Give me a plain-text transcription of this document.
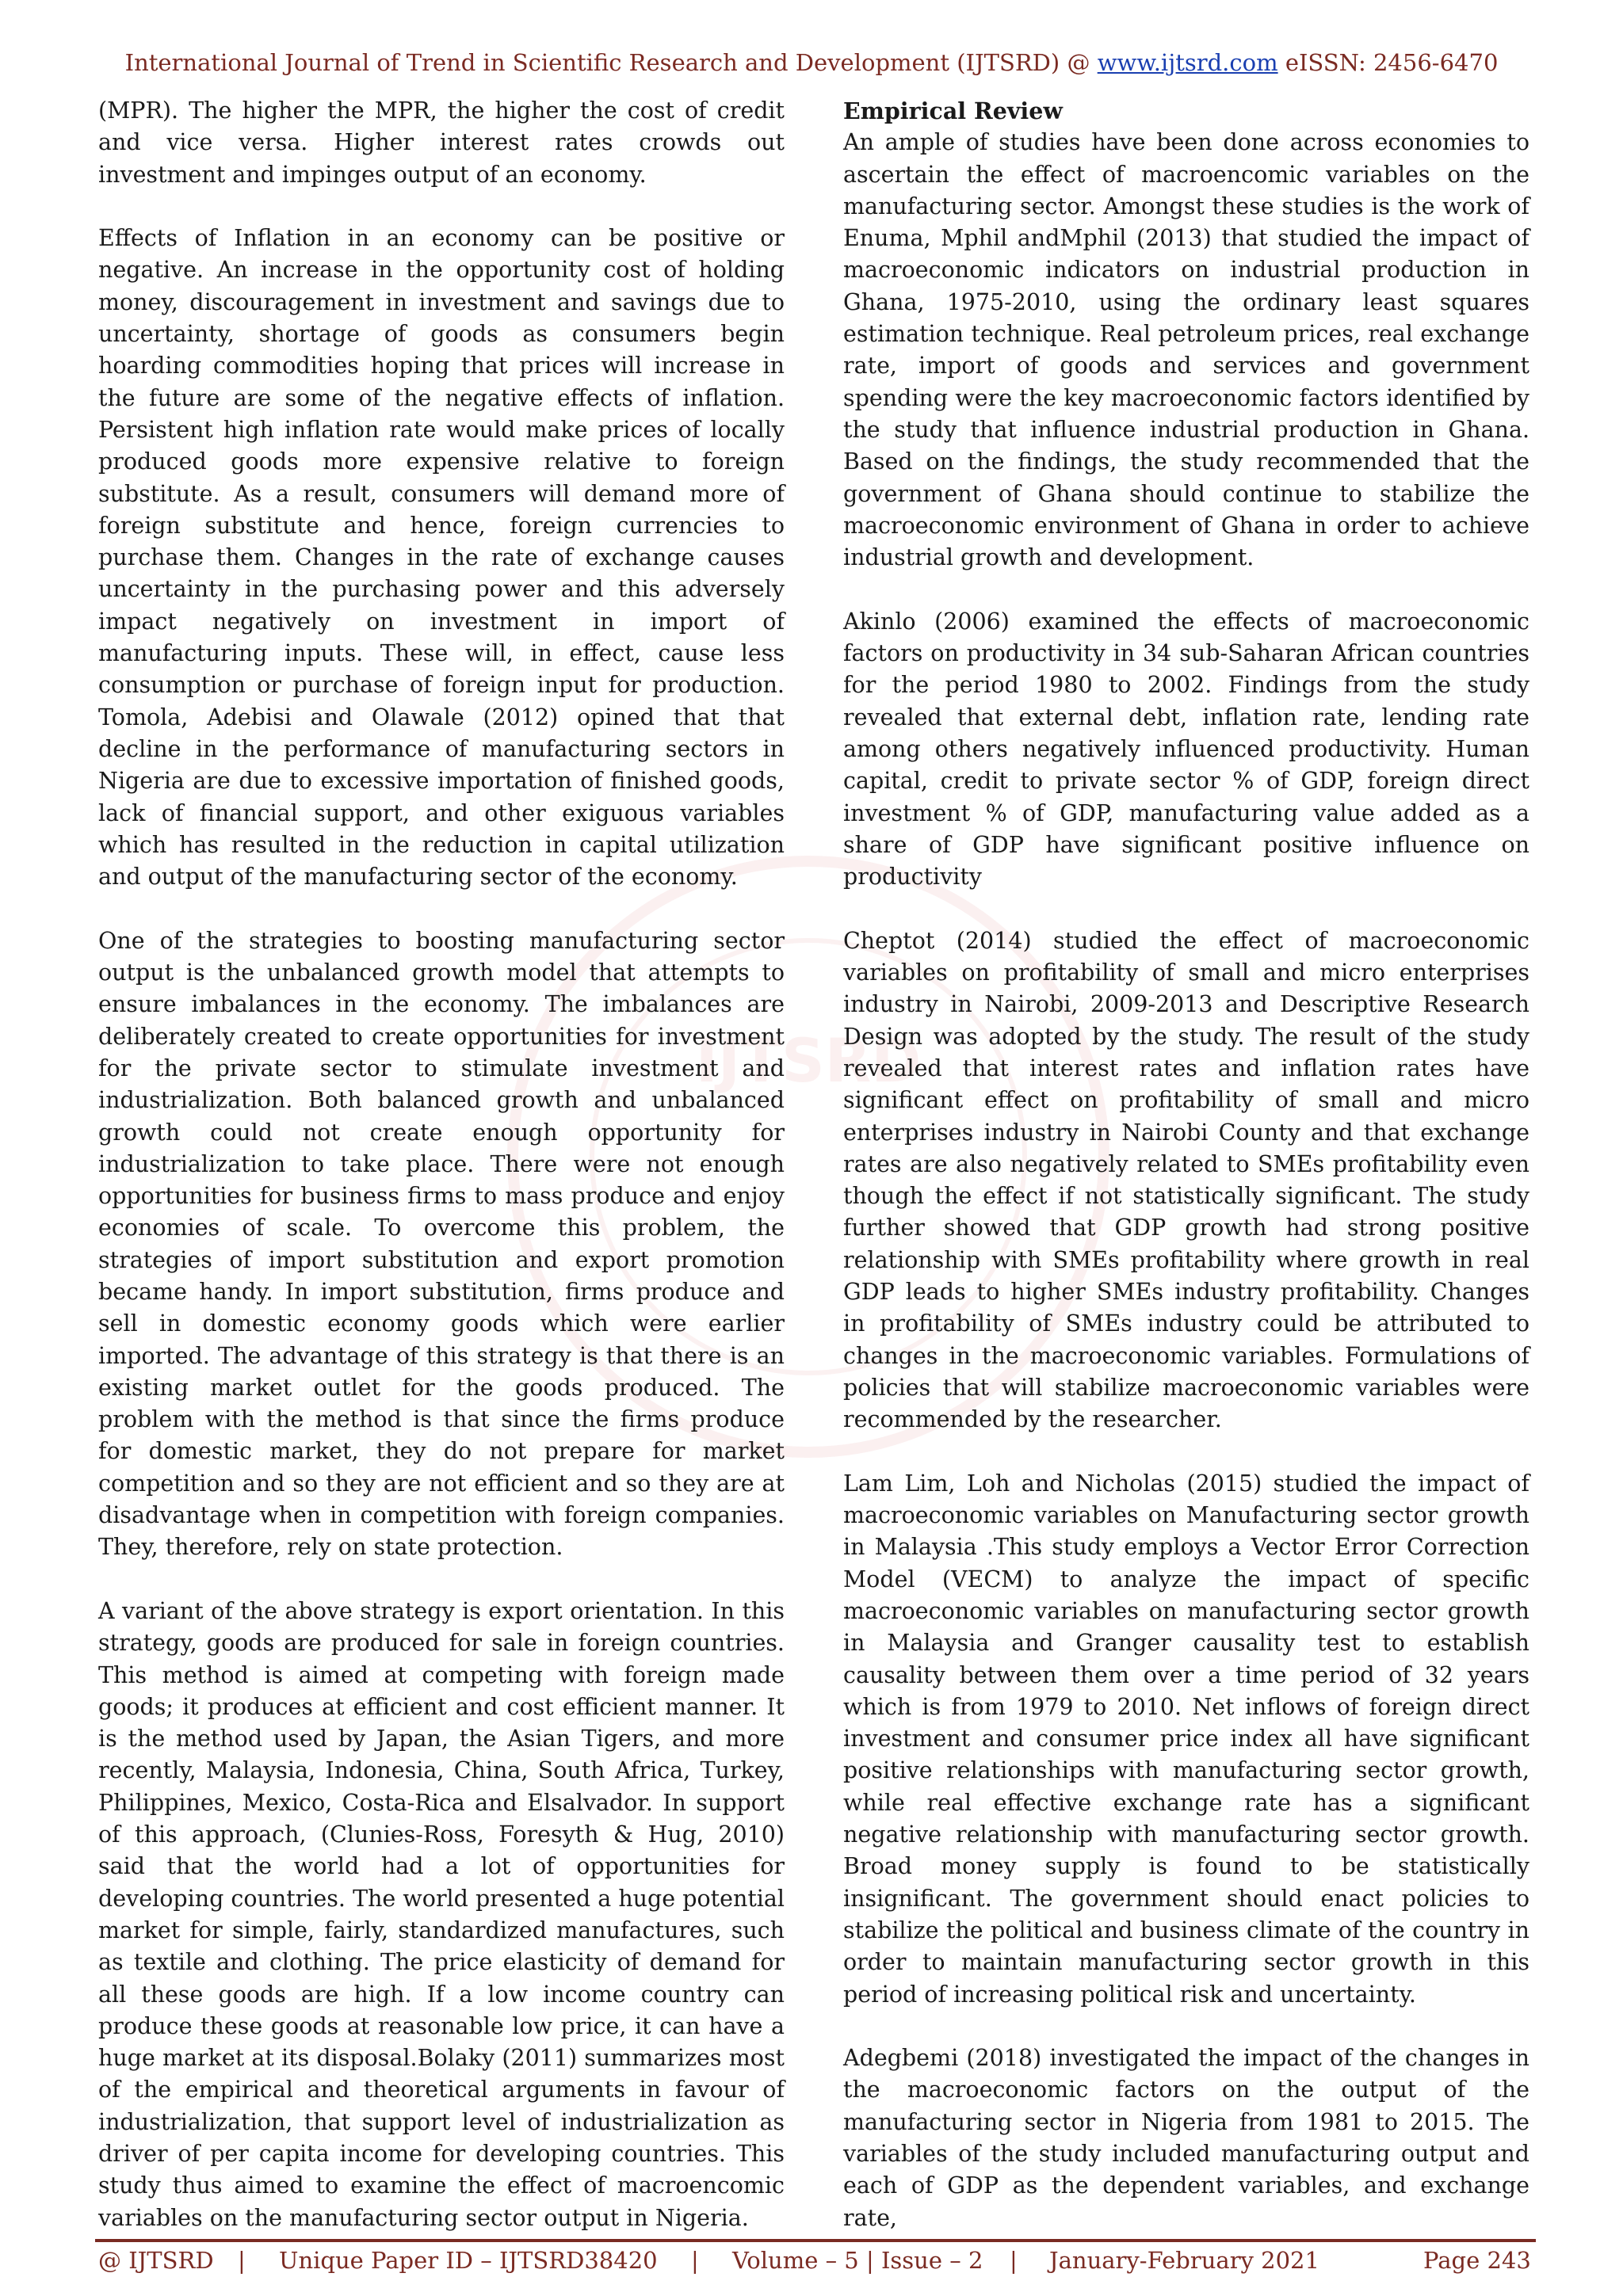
International Journal of Trend in Scientific Research and Development (IJTSRD) @ www.ijtsrd.com eISSN: 2456-6470
IJTSRD

(MPR). The higher the MPR, the higher the cost of credit and vice versa. Higher interest rates crowds out investment and impinges output of an economy.

Effects of Inflation in an economy can be positive or negative. An increase in the opportunity cost of holding money, discouragement in investment and savings due to uncertainty, shortage of goods as consumers begin hoarding commodities hoping that prices will increase in the future are some of the negative effects of inflation. Persistent high inflation rate would make prices of locally produced goods more expensive relative to foreign substitute. As a result, consumers will demand more of foreign substitute and hence, foreign currencies to purchase them. Changes in the rate of exchange causes uncertainty in the purchasing power and this adversely impact negatively on investment in import of manufacturing inputs. These will, in effect, cause less consumption or purchase of foreign input for production. Tomola, Adebisi and Olawale (2012) opined that that decline in the performance of manufacturing sectors in Nigeria are due to excessive importation of finished goods, lack of financial support, and other exiguous variables which has resulted in the reduction in capital utilization and output of the manufacturing sector of the economy.

One of the strategies to boosting manufacturing sector output is the unbalanced growth model that attempts to ensure imbalances in the economy. The imbalances are deliberately created to create opportunities for investment for the private sector to stimulate investment and industrialization. Both balanced growth and unbalanced growth could not create enough opportunity for industrialization to take place. There were not enough opportunities for business firms to mass produce and enjoy economies of scale. To overcome this problem, the strategies of import substitution and export promotion became handy. In import substitution, firms produce and sell in domestic economy goods which were earlier imported. The advantage of this strategy is that there is an existing market outlet for the goods produced. The problem with the method is that since the firms produce for domestic market, they do not prepare for market competition and so they are not efficient and so they are at disadvantage when in competition with foreign companies. They, therefore, rely on state protection.

A variant of the above strategy is export orientation. In this strategy, goods are produced for sale in foreign countries. This method is aimed at competing with foreign made goods; it produces at efficient and cost efficient manner. It is the method used by Japan, the Asian Tigers, and more recently, Malaysia, Indonesia, China, South Africa, Turkey, Philippines, Mexico, Costa-Rica and Elsalvador. In support of this approach, (Clunies-Ross, Foresyth & Hug, 2010) said that the world had a lot of opportunities for developing countries. The world presented a huge potential market for simple, fairly, standardized manufactures, such as textile and clothing. The price elasticity of demand for all these goods are high. If a low income country can produce these goods at reasonable low price, it can have a huge market at its disposal.Bolaky (2011) summarizes most of the empirical and theoretical arguments in favour of industrialization, that support level of industrialization as driver of per capita income for developing countries. This study thus aimed to examine the effect of macroencomic variables on the manufacturing sector output in Nigeria.

Empirical Review

An ample of studies have been done across economies to ascertain the effect of macroencomic variables on the manufacturing sector. Amongst these studies is the work of Enuma, Mphil andMphil (2013) that studied the impact of macroeconomic indicators on industrial production in Ghana, 1975-2010, using the ordinary least squares estimation technique. Real petroleum prices, real exchange rate, import of goods and services and government spending were the key macroeconomic factors identified by the study that influence industrial production in Ghana. Based on the findings, the study recommended that the government of Ghana should continue to stabilize the macroeconomic environment of Ghana in order to achieve industrial growth and development.

Akinlo (2006) examined the effects of macroeconomic factors on productivity in 34 sub-Saharan African countries for the period 1980 to 2002. Findings from the study revealed that external debt, inflation rate, lending rate among others negatively influenced productivity. Human capital, credit to private sector % of GDP, foreign direct investment % of GDP, manufacturing value added as a share of GDP have significant positive influence on productivity

Cheptot (2014) studied the effect of macroeconomic variables on profitability of small and micro enterprises industry in Nairobi, 2009-2013 and Descriptive Research Design was adopted by the study. The result of the study revealed that interest rates and inflation rates have significant effect on profitability of small and micro enterprises industry in Nairobi County and that exchange rates are also negatively related to SMEs profitability even though the effect if not statistically significant. The study further showed that GDP growth had strong positive relationship with SMEs profitability where growth in real GDP leads to higher SMEs industry profitability. Changes in profitability of SMEs industry could be attributed to changes in the macroeconomic variables. Formulations of policies that will stabilize macroeconomic variables were recommended by the researcher.

Lam Lim, Loh and Nicholas (2015) studied the impact of macroeconomic variables on Manufacturing sector growth in Malaysia .This study employs a Vector Error Correction Model (VECM) to analyze the impact of specific macroeconomic variables on manufacturing sector growth in Malaysia and Granger causality test to establish causality between them over a time period of 32 years which is from 1979 to 2010. Net inflows of foreign direct investment and consumer price index all have significant positive relationships with manufacturing sector growth, while real effective exchange rate has a significant negative relationship with manufacturing sector growth. Broad money supply is found to be statistically insignificant. The government should enact policies to stabilize the political and business climate of the country in order to maintain manufacturing sector growth in this period of increasing political risk and uncertainty.

Adegbemi (2018) investigated the impact of the changes in the macroeconomic factors on the output of the manufacturing sector in Nigeria from 1981 to 2015. The variables of the study included manufacturing output and each of GDP as the dependent variables, and exchange rate,

@ IJTSRD | Unique Paper ID – IJTSRD38420 | Volume – 5 | Issue – 2 | January-February 2021	Page 243
